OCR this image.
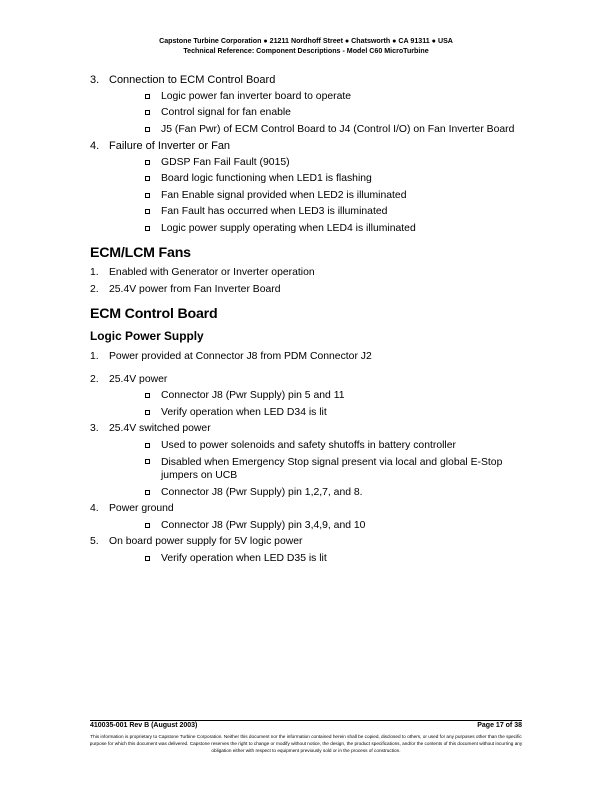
Capstone Turbine Corporation ● 21211 Nordhoff Street ● Chatsworth ● CA 91311 ● USA
Technical Reference: Component Descriptions - Model C60 MicroTurbine
3. Connection to ECM Control Board
Logic power fan inverter board to operate
Control signal for fan enable
J5 (Fan Pwr) of ECM Control Board to J4 (Control I/O) on Fan Inverter Board
4. Failure of Inverter or Fan
GDSP Fan Fail Fault (9015)
Board logic functioning when LED1 is flashing
Fan Enable signal provided when LED2 is illuminated
Fan Fault has occurred when LED3 is illuminated
Logic power supply operating when LED4 is illuminated
ECM/LCM Fans
1. Enabled with Generator or Inverter operation
2. 25.4V power from Fan Inverter Board
ECM Control Board
Logic Power Supply
1. Power provided at Connector J8 from PDM Connector J2
2. 25.4V power
Connector J8 (Pwr Supply) pin 5 and 11
Verify operation when LED D34 is lit
3. 25.4V switched power
Used to power solenoids and safety shutoffs in battery controller
Disabled when Emergency Stop signal present via local and global E-Stop jumpers on UCB
Connector J8 (Pwr Supply) pin 1,2,7, and 8.
4. Power ground
Connector J8 (Pwr Supply) pin 3,4,9, and 10
5. On board power supply for 5V logic power
Verify operation when LED D35 is lit
410035-001 Rev B (August 2003)	Page 17 of 38
This information is proprietary to Capstone Turbine Corporation. Neither this document nor the information contained herein shall be copied, disclosed to others, or used for any purposes other than the specific purpose for which this document was delivered. Capstone reserves the right to change or modify without notice, the design, the product specifications, and/or the contents of this document without incurring any obligation either with respect to equipment previously sold or in the process of construction.
